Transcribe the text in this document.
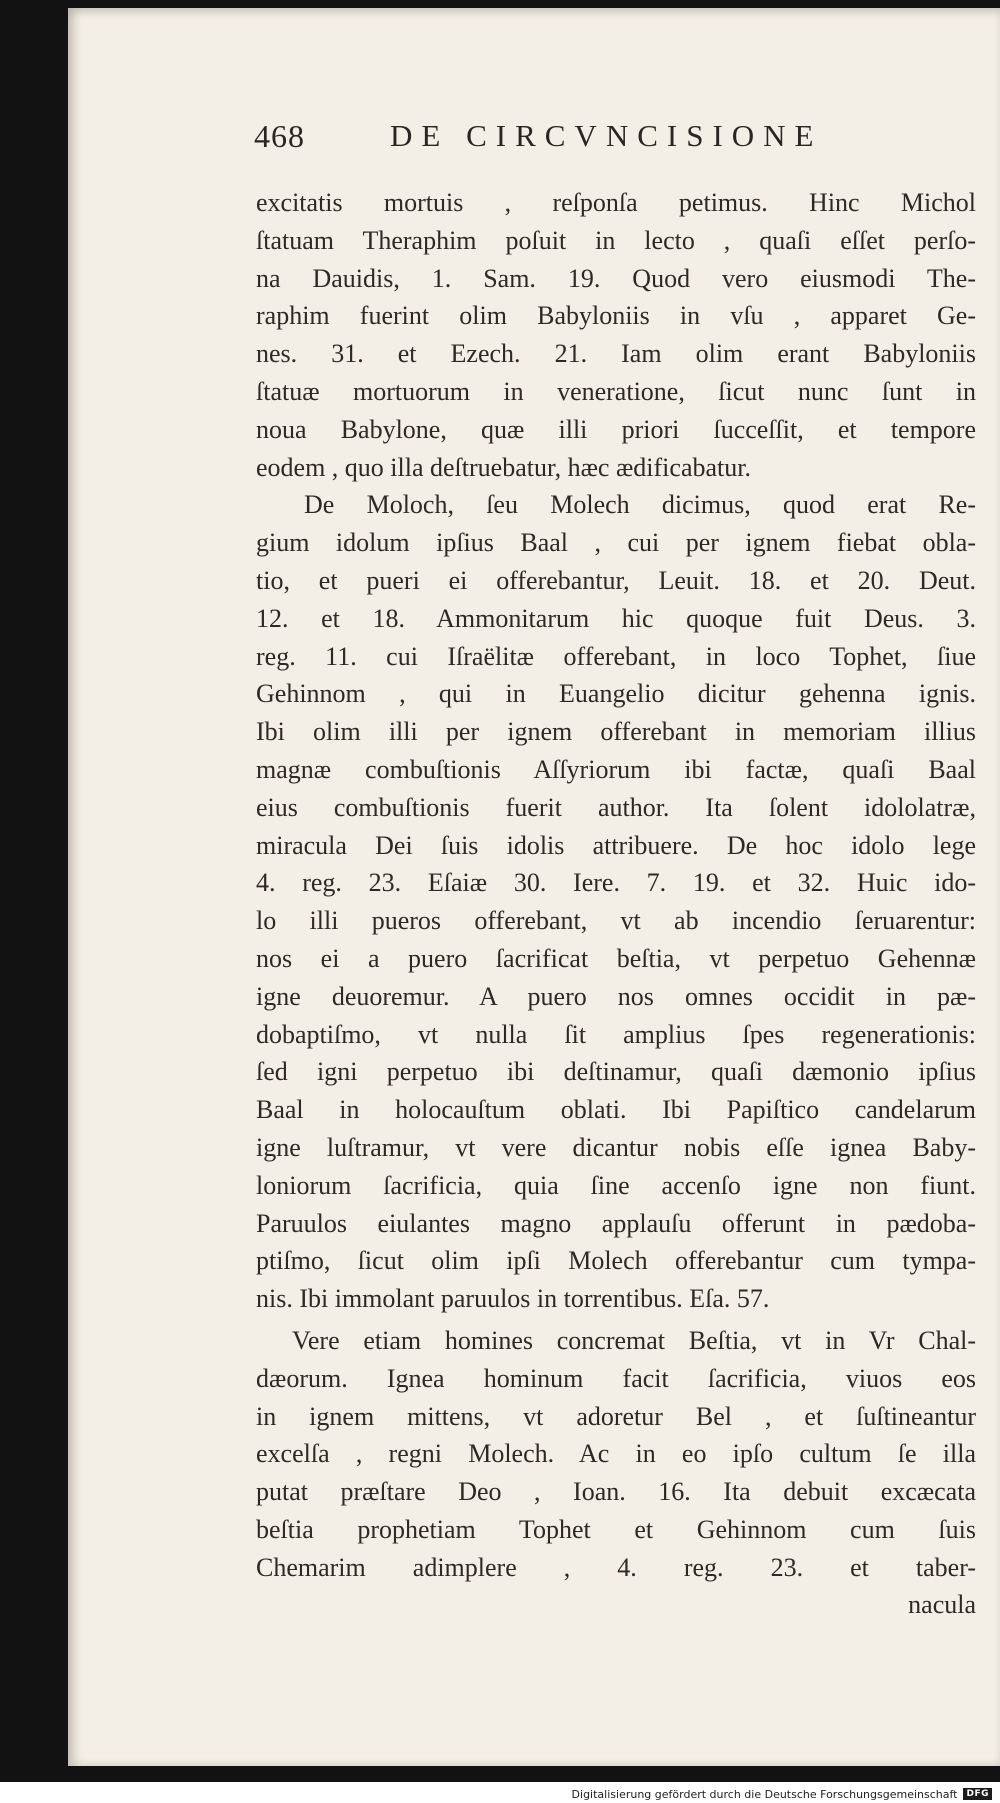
468	DE CIRCVNCISIONE
excitatis mortuis , reſponſa petimus. Hinc Michol
ſtatuam Theraphim poſuit in lecto , quaſi eſſet perſo-
na Dauidis, 1. Sam. 19. Quod vero eiusmodi The-
raphim fuerint olim Babyloniis in vſu , apparet Ge-
nes. 31. et Ezech. 21. Iam olim erant Babyloniis
ſtatuæ mortuorum in veneratione, ſicut nunc ſunt in
noua Babylone, quæ illi priori ſucceſſit, et tempore
eodem , quo illa deſtruebatur, hæc ædificabatur.
De Moloch, ſeu Molech dicimus, quod erat Re-
gium idolum ipſius Baal , cui per ignem fiebat obla-
tio, et pueri ei offerebantur, Leuit. 18. et 20. Deut.
12. et 18. Ammonitarum hic quoque fuit Deus. 3.
reg. 11. cui Iſraëlitæ offerebant, in loco Tophet, ſiue
Gehinnom , qui in Euangelio dicitur gehenna ignis.
Ibi olim illi per ignem offerebant in memoriam illius
magnæ combuſtionis Aſſyriorum ibi factæ, quaſi Baal
eius combuſtionis fuerit author. Ita ſolent idololatræ,
miracula Dei ſuis idolis attribuere. De hoc idolo lege
4. reg. 23. Eſaiæ 30. Iere. 7. 19. et 32. Huic ido-
lo illi pueros offerebant, vt ab incendio ſeruarentur:
nos ei a puero ſacrificat beſtia, vt perpetuo Gehennæ
igne deuoremur. A puero nos omnes occidit in pæ-
dobaptiſmo, vt nulla ſit amplius ſpes regenerationis:
ſed igni perpetuo ibi deſtinamur, quaſi dæmonio ipſius
Baal in holocauſtum oblati. Ibi Papiſtico candelarum
igne luſtramur, vt vere dicantur nobis eſſe ignea Baby-
loniorum ſacrificia, quia ſine accenſo igne non fiunt.
Paruulos eiulantes magno applauſu offerunt in pædoba-
ptiſmo, ſicut olim ipſi Molech offerebantur cum tympa-
nis. Ibi immolant paruulos in torrentibus. Eſa. 57.
Vere etiam homines concremat Beſtia, vt in Vr Chal-
dæorum. Ignea hominum facit ſacrificia, viuos eos
in ignem mittens, vt adoretur Bel , et ſuſtineantur
excelſa , regni Molech. Ac in eo ipſo cultum ſe illa
putat præſtare Deo , Ioan. 16. Ita debuit excæcata
beſtia prophetiam Tophet et Gehinnom cum ſuis
Chemarim adimplere , 4. reg. 23. et taber-
nacula
Digitalisierung gefördert durch die Deutsche Forschungsgemeinschaft	DFG
